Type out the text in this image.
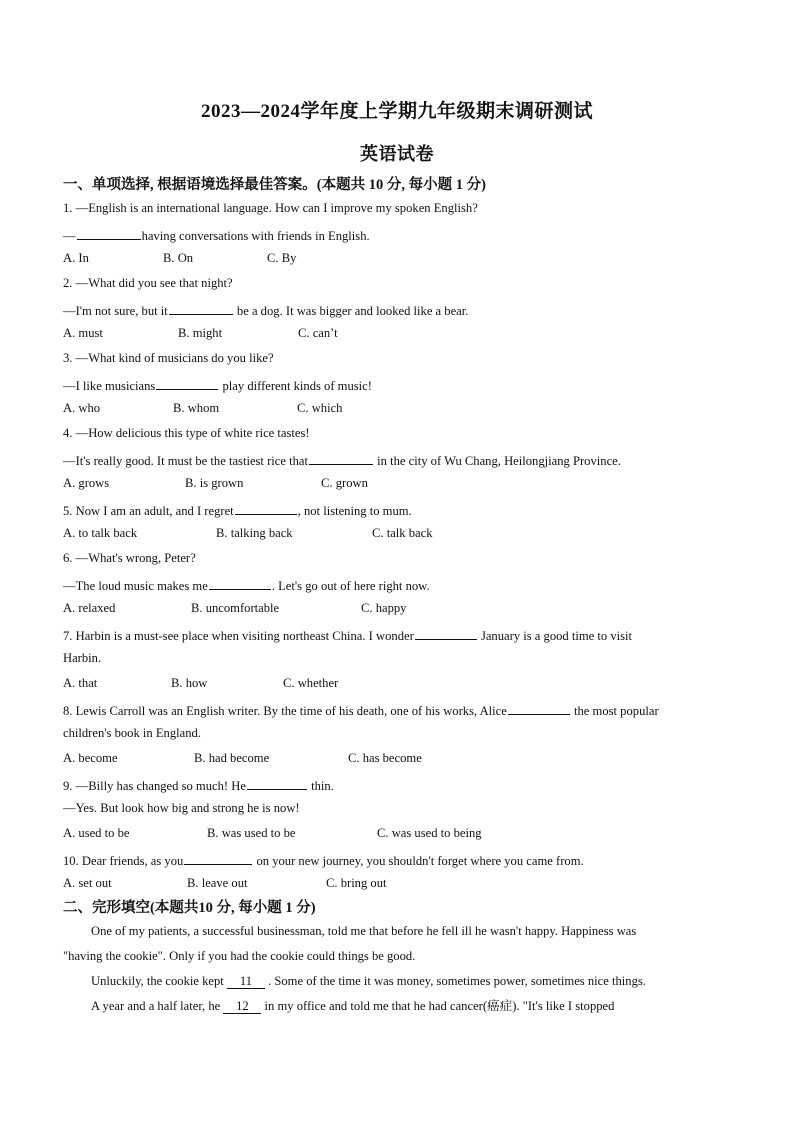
2023—2024学年度上学期九年级期末调研测试
英语试卷
一、单项选择, 根据语境选择最佳答案。(本题共 10 分, 每小题 1 分)
1. —English is an international language. How can I improve my spoken English?
—	having conversations with friends in English.
A. In	B. On	C. By
2. —What did you see that night?
—I'm not sure, but it	be a dog. It was bigger and looked like a bear.
A. must	B. might	C. can’t
3. —What kind of musicians do you like?
—I like musicians	play different kinds of music!
A. who	B. whom	C. which
4. —How delicious this type of white rice tastes!
—It's really good. It must be the tastiest rice that	in the city of Wu Chang, Heilongjiang Province.
A. grows	B. is grown	C. grown
5. Now I am an adult, and I regret	, not listening to mum.
A. to talk back	B. talking back	C. talk back
6. —What's wrong, Peter?
—The loud music makes me	. Let's go out of here right now.
A. relaxed	B. uncomfortable	C. happy
7. Harbin is a must-see place when visiting northeast China. I wonder	January is a good time to visit
Harbin.
A. that	B. how	C. whether
8. Lewis Carroll was an English writer. By the time of his death, one of his works, Alice	the most popular
children's book in England.
A. become	B. had become	C. has become
9. —Billy has changed so much! He	thin.
—Yes. But look how big and strong he is now!
A. used to be	B. was used to be	C. was used to being
10. Dear friends, as you	on your new journey, you shouldn't forget where you came from.
A. set out	B. leave out	C. bring out
二、完形填空(本题共10 分, 每小题 1 分)
One of my patients, a successful businessman, told me that before he fell ill he wasn't happy. Happiness was
"having the cookie". Only if you had the cookie could things be good.
Unluckily, the cookie kept 11 . Some of the time it was money, sometimes power, sometimes nice things.
A year and a half later, he 12 in my office and told me that he had cancer(癌症). "It's like I stopped
